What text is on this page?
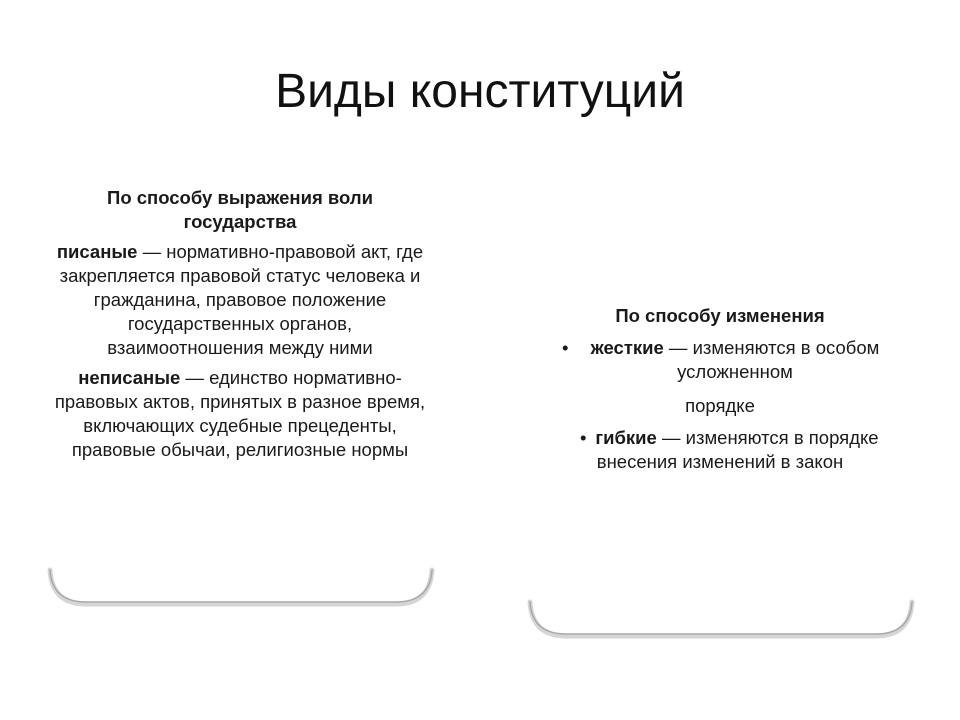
Виды конституций
По способу выражения воли государства
писаные — нормативно-правовой акт, где закрепляется правовой статус человека и гражданина, правовое положение государственных органов, взаимоотношения между ними
неписаные — единство нормативно-правовых актов, принятых в разное время, включающих судебные прецеденты, правовые обычаи, религиозные нормы
По способу изменения
•	жесткие — изменяются в особом усложненном
порядке
• гибкие — изменяются в порядке внесения изменений в закон
